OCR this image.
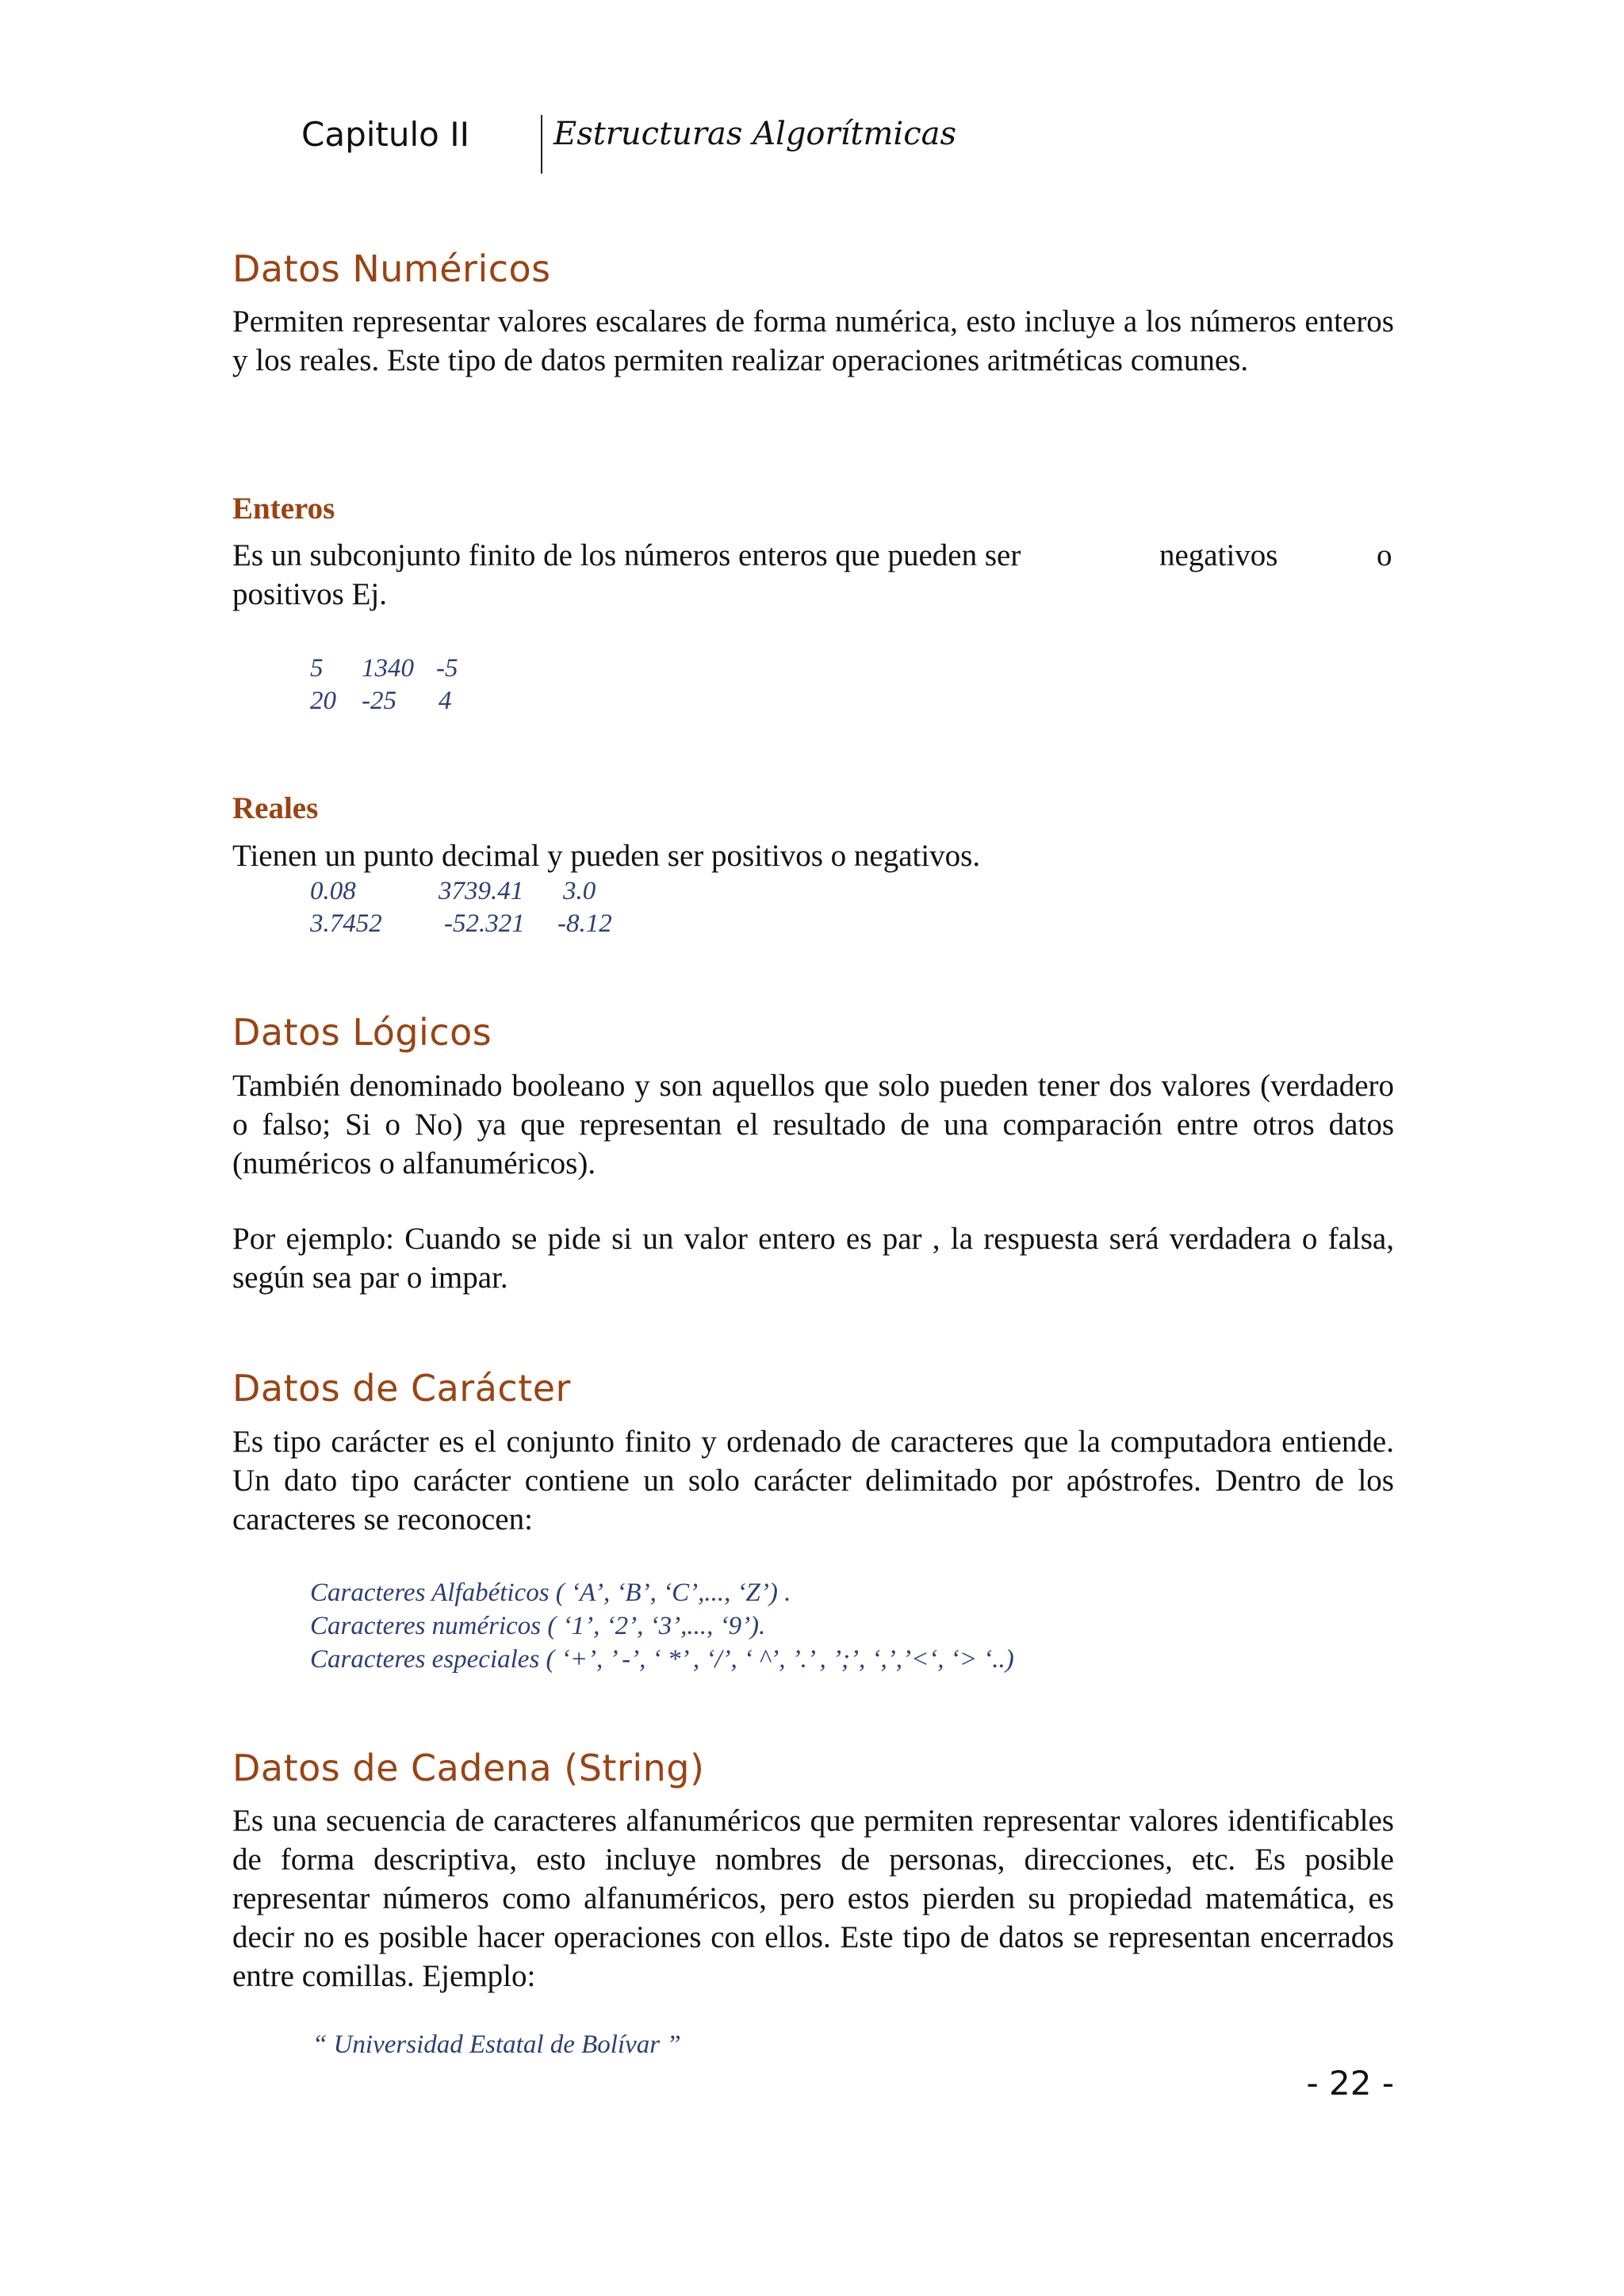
Capitulo II	Estructuras Algorítmicas
Datos Numéricos

Permiten representar valores escalares de forma numérica, esto incluye a los números enteros y los reales. Este tipo de datos permiten realizar operaciones aritméticas comunes.

Enteros
Es un subconjunto finito de los números enteros que pueden ser	negativos	o
positivos Ej.
5 1340 -5
20 -25 4
Reales

Tienen un punto decimal y pueden ser positivos o negativos.

0.08	3739.41 3.0
3.7452 -52.321 -8.12
Datos Lógicos

También denominado booleano y son aquellos que solo pueden tener dos valores (verdadero o falso; Si o No) ya que representan el resultado de una comparación entre otros datos (numéricos o alfanuméricos).

Por ejemplo: Cuando se pide si un valor entero es par , la respuesta será verdadera o falsa, según sea par o impar.

Datos de Carácter

Es tipo carácter es el conjunto finito y ordenado de caracteres que la computadora entiende. Un dato tipo carácter contiene un solo carácter delimitado por apóstrofes. Dentro de los caracteres se reconocen:

Caracteres Alfabéticos ( ‘A’, ‘B’, ‘C’,..., ‘Z’) .
Caracteres numéricos ( ‘1’, ‘2’, ‘3’,..., ‘9’).
Caracteres especiales ( ‘+’, ’ -’, ‘ *’ , ‘/’, ‘ ^’, ’.’ , ’;’, ‘,’,’<‘, ‘> ‘..)
Datos de Cadena (String)

Es una secuencia de caracteres alfanuméricos que permiten representar valores identificables de forma descriptiva, esto incluye nombres de personas, direcciones, etc. Es posible representar números como alfanuméricos, pero estos pierden su propiedad matemática, es decir no es posible hacer operaciones con ellos. Este tipo de datos se representan encerrados entre comillas. Ejemplo:

“ Universidad Estatal de Bolívar ”
- 22 -
